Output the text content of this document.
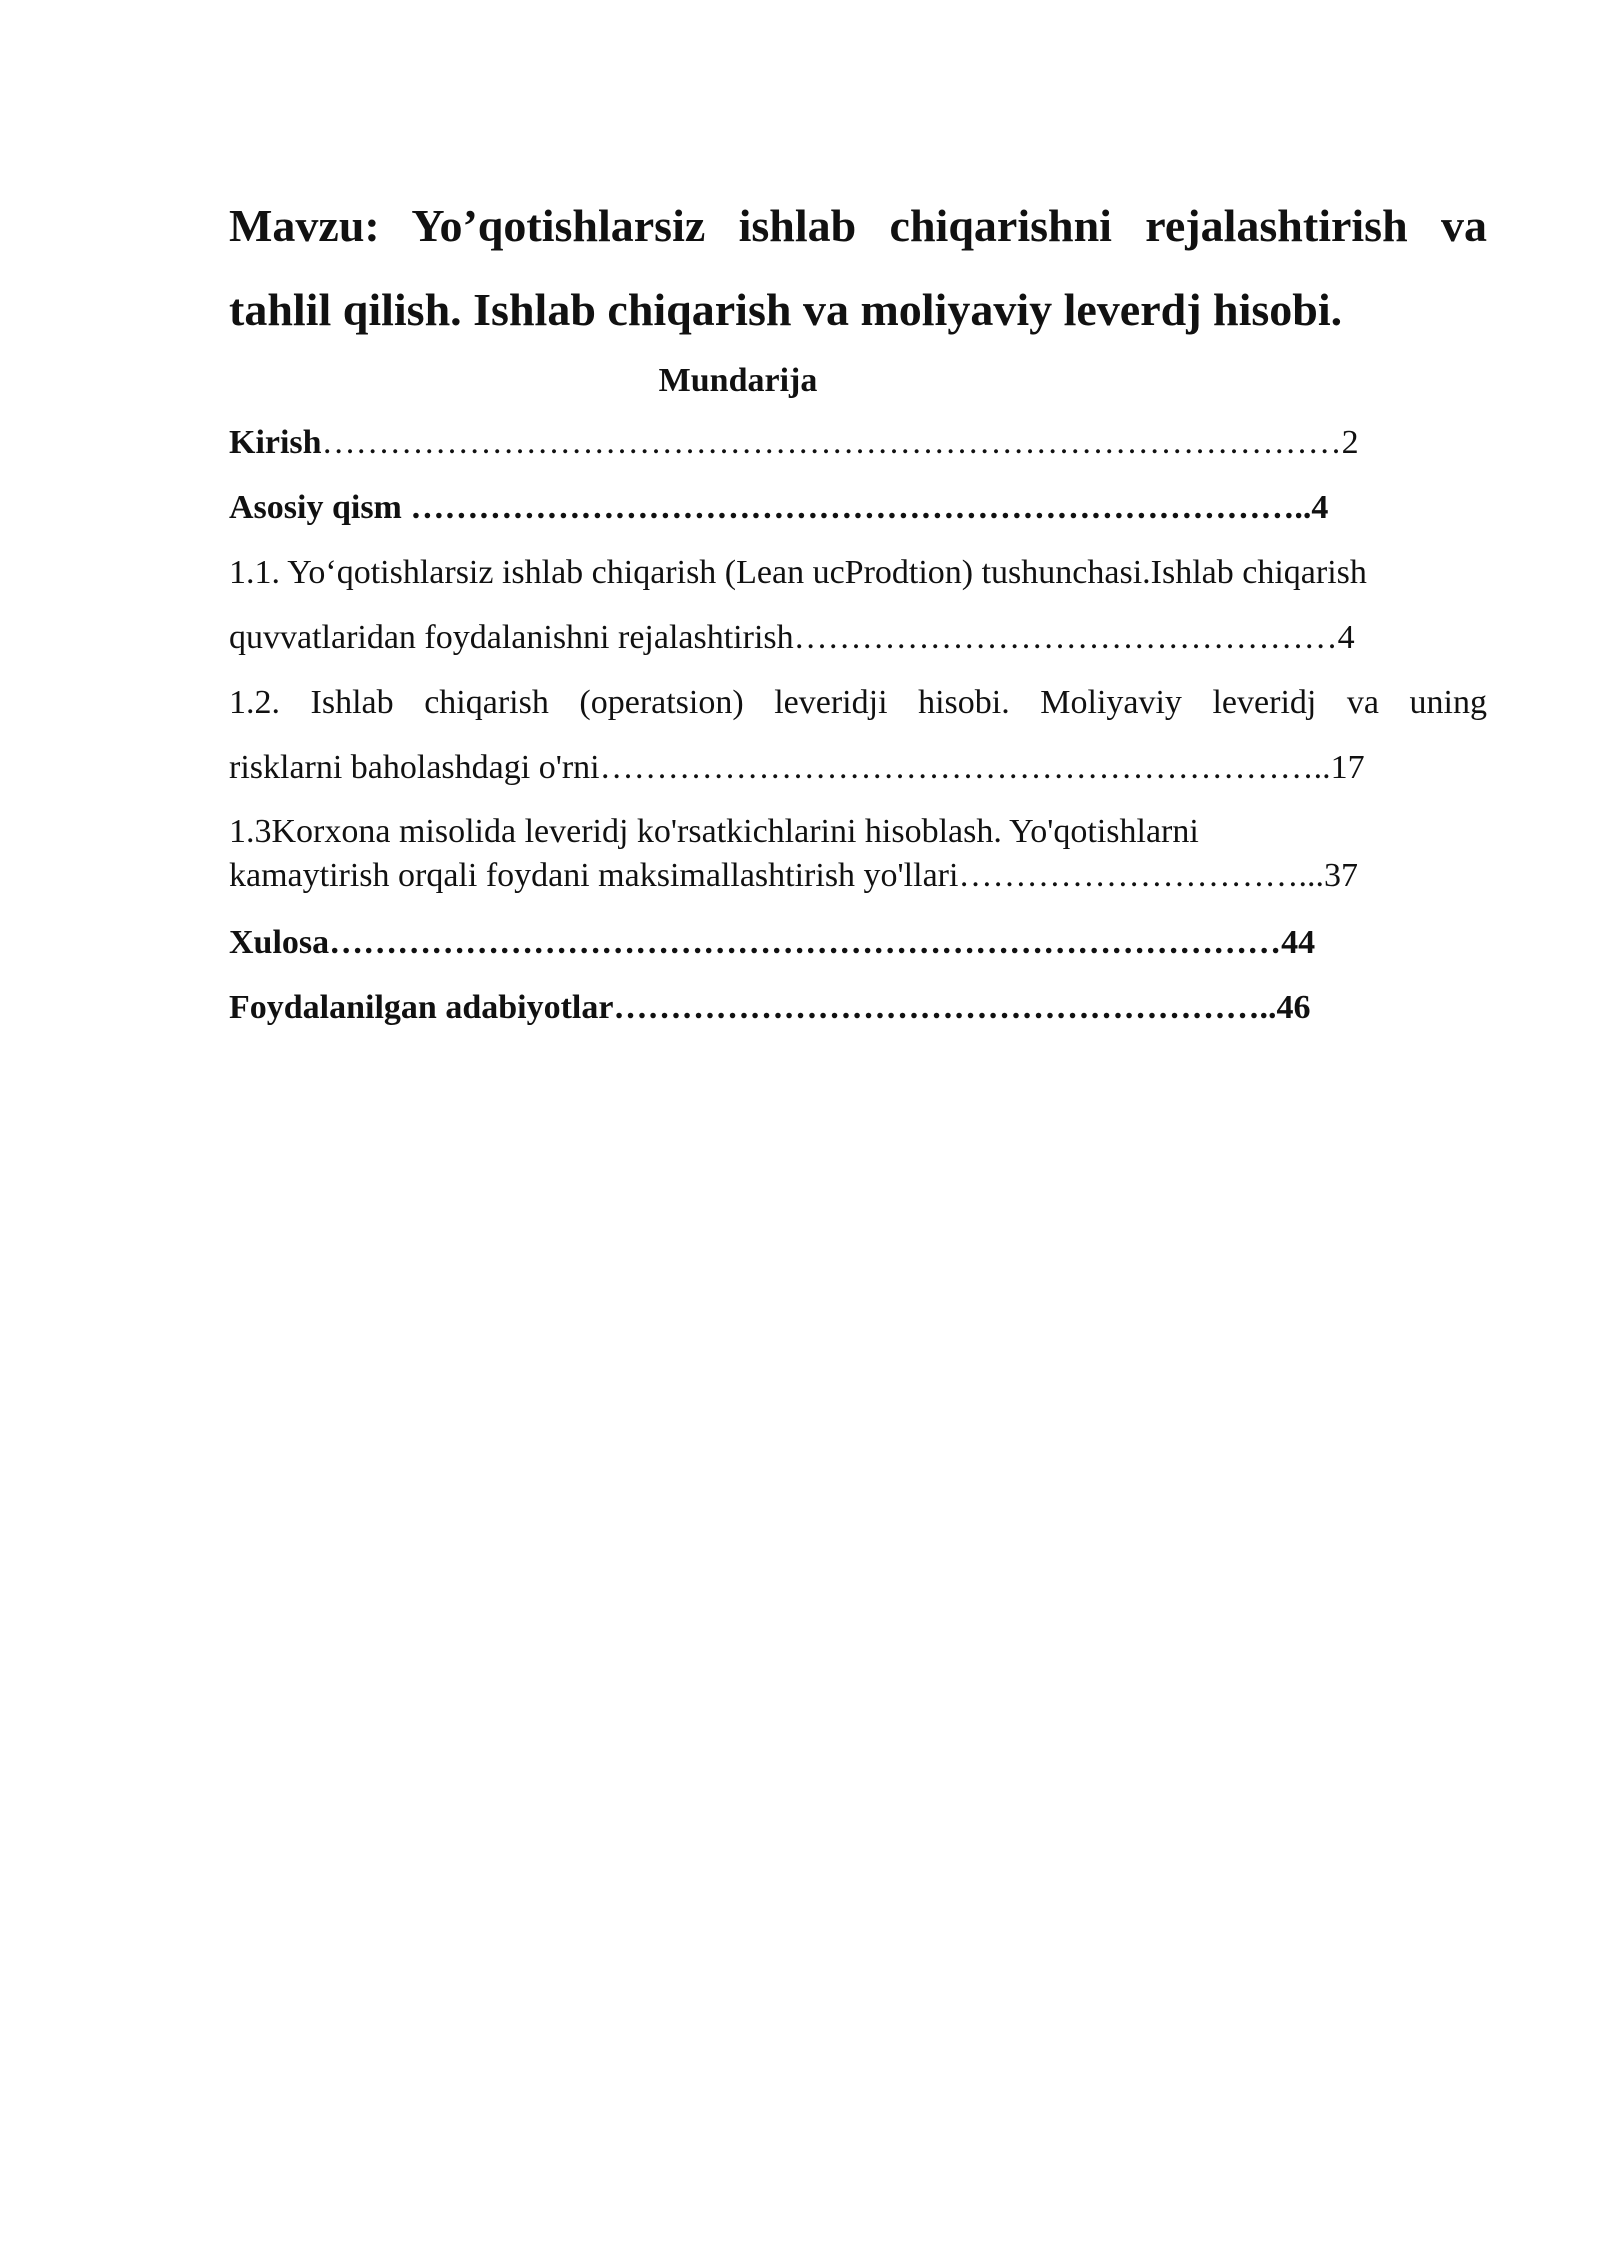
Mavzu: Yo’qotishlarsiz ishlab chiqarishni rejalashtirish va tahlil qilish. Ishlab chiqarish va moliyaviy leverdj hisobi.

Mundarija

Kirish………………………………………………………………………………2

Asosiy qism ……………………………………………………………………..4

1.1. Yo‘qotishlarsiz ishlab chiqarish (Lean ucProdtion) tushunchasi.Ishlab chiqarish
quvvatlaridan foydalanishni rejalashtirish…………………………………………4

1.2. Ishlab chiqarish (operatsion) leveridji hisobi. Moliyaviy leveridj va uning
risklarni baholashdagi o'rni………………………………………………………..17

1.3Korxona misolida leveridj ko'rsatkichlarini hisoblash. Yo'qotishlarni
kamaytirish orqali foydani maksimallashtirish yo'llari…………………………...37

Xulosa…………………………………………………………………………44

Foydalanilgan adabiyotlar…………………………………………………..46
